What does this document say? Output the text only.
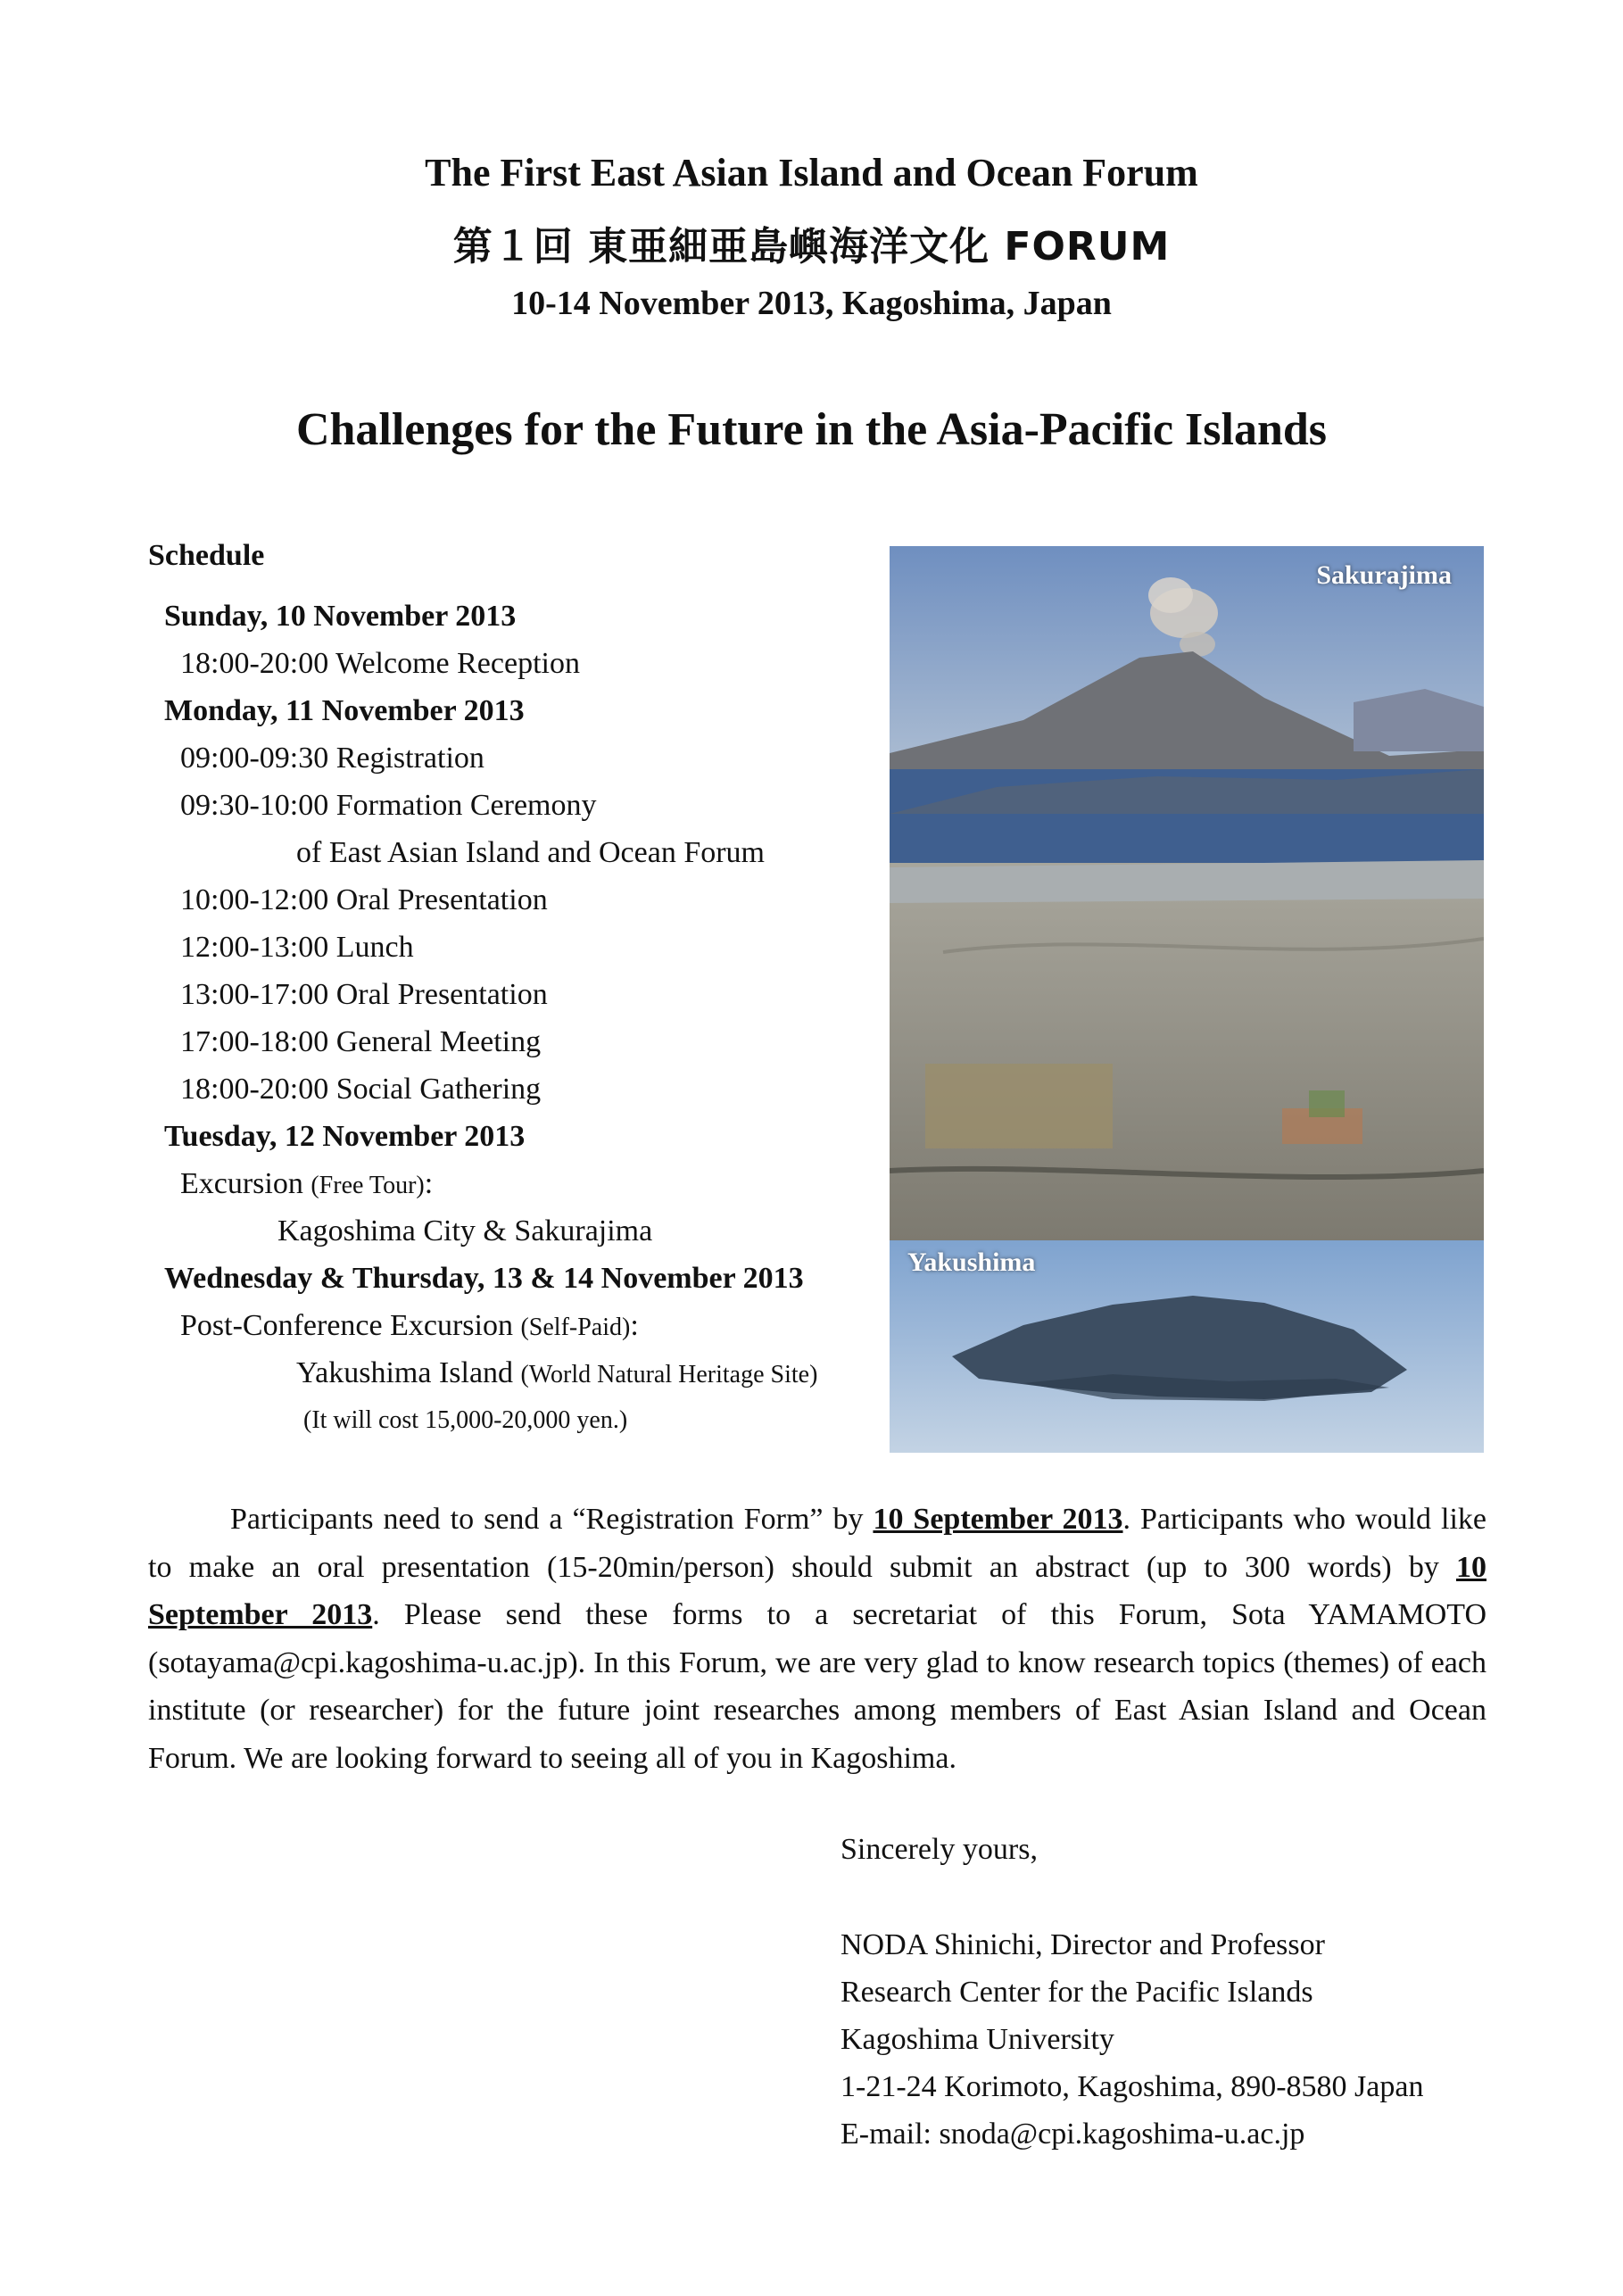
The First East Asian Island and Ocean Forum
第１回 東亜細亜島嶼海洋文化 FORUM
10-14 November 2013, Kagoshima, Japan
Challenges for the Future in the Asia-Pacific Islands
Schedule
Sunday, 10 November 2013
18:00-20:00 Welcome Reception
Monday, 11 November 2013
09:00-09:30 Registration
09:30-10:00 Formation Ceremony
of East Asian Island and Ocean Forum
10:00-12:00 Oral Presentation
12:00-13:00 Lunch
13:00-17:00 Oral Presentation
17:00-18:00 General Meeting
18:00-20:00 Social Gathering
Tuesday, 12 November 2013
Excursion (Free Tour):
Kagoshima City & Sakurajima
Wednesday & Thursday, 13 & 14 November 2013
Post-Conference Excursion (Self-Paid):
Yakushima Island (World Natural Heritage Site)
(It will cost 15,000-20,000 yen.)
Sakurajima
Yakushima
Participants need to send a “Registration Form” by 10 September 2013. Participants who would like to make an oral presentation (15-20min/person) should submit an abstract (up to 300 words) by 10 September 2013. Please send these forms to a secretariat of this Forum, Sota YAMAMOTO (sotayama@cpi.kagoshima-u.ac.jp). In this Forum, we are very glad to know research topics (themes) of each institute (or researcher) for the future joint researches among members of East Asian Island and Ocean Forum. We are looking forward to seeing all of you in Kagoshima.
Sincerely yours,
NODA Shinichi, Director and Professor
Research Center for the Pacific Islands
Kagoshima University
1-21-24 Korimoto, Kagoshima, 890-8580 Japan
E-mail: snoda@cpi.kagoshima-u.ac.jp
